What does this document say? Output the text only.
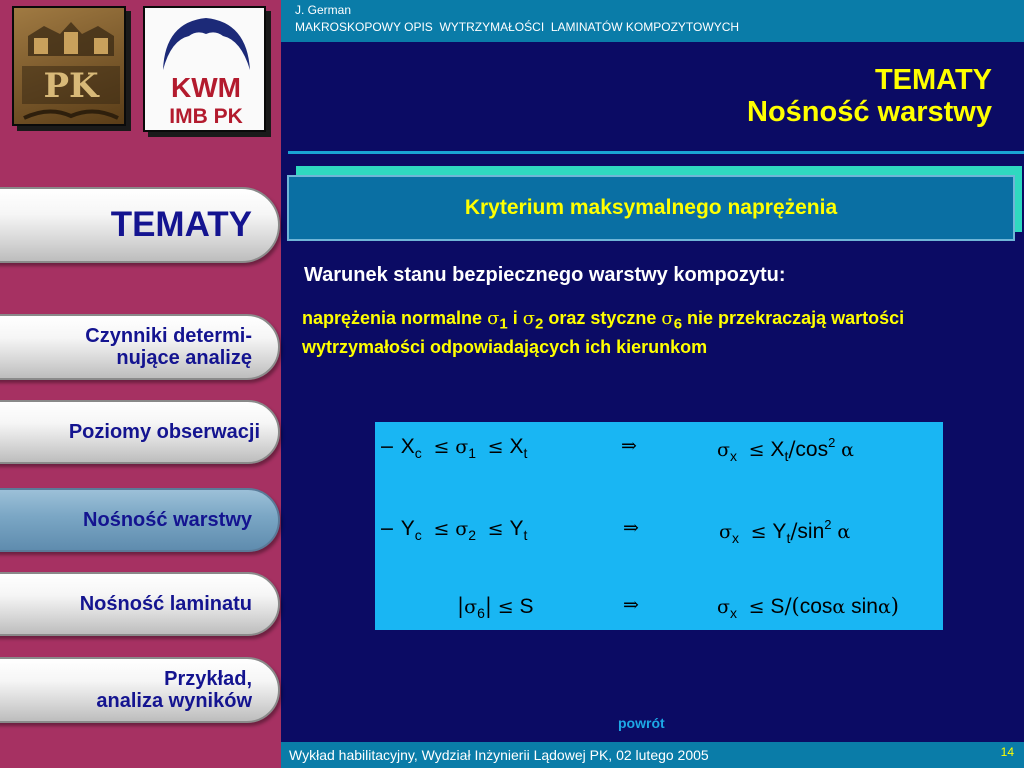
PK	KWM
IMB PK
TEMATY
Czynniki determi-
nujące analizę
Poziomy obserwacji
Nośność warstwy
Nośność laminatu
Przykład,
analiza wyników
J. German
MAKROSKOPOWY OPIS  WYTRZYMAŁOŚCI  LAMINATÓW KOMPOZYTOWYCH
TEMATY
Nośność warstwy
Kryterium maksymalnego naprężenia
Warunek stanu bezpiecznego warstwy kompozytu:
naprężenia normalne $\sigma_1$ i $\sigma_2$ oraz styczne $\sigma_6$ nie przekraczają wartości wytrzymałości odpowiadających ich kierunkom
− $X_c \le \sigma_1 \le X_t$	⇒	$\sigma_x \le X_t/\cos^2$ α
− $Y_c \le \sigma_2 \le Y_t$	⇒	$\sigma_x \le Y_t/\sin^2$ α
$|\sigma_6| \le S$	⇒	$\sigma_x \le S/(\cos\alpha$ sinα)
powrót
Wykład habilitacyjny, Wydział Inżynierii Lądowej PK, 02 lutego 2005	14
